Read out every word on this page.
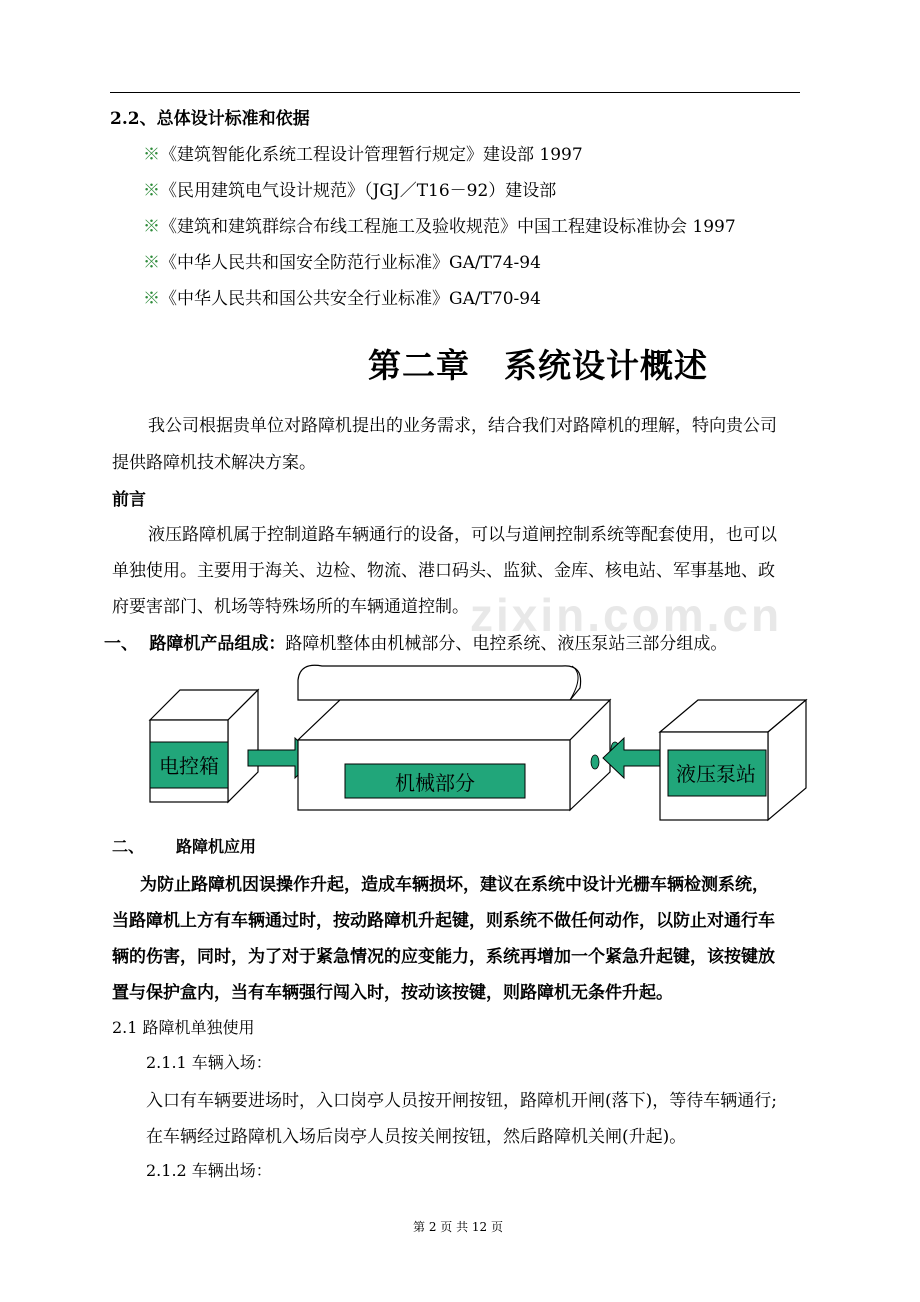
zixin.com.cn
2.2、总体设计标准和依据
※《建筑智能化系统工程设计管理暂行规定》建设部 1997
※《民用建筑电气设计规范》（JGJ／T16－92）建设部
※《建筑和建筑群综合布线工程施工及验收规范》中国工程建设标准协会 1997
※《中华人民共和国安全防范行业标准》GA/T74-94
※《中华人民共和国公共安全行业标准》GA/T70-94
第二章　系统设计概述
我公司根据贵单位对路障机提出的业务需求，结合我们对路障机的理解，特向贵公司
提供路障机技术解决方案。
前言
液压路障机属于控制道路车辆通行的设备，可以与道闸控制系统等配套使用，也可以
单独使用。主要用于海关、边检、物流、港口码头、监狱、金库、核电站、军事基地、政
府要害部门、机场等特殊场所的车辆通道控制。
一、 路障机产品组成：路障机整体由机械部分、电控系统、液压泵站三部分组成。
电控箱
机械部分	液压泵站
二、 路障机应用
为防止路障机因误操作升起，造成车辆损坏，建议在系统中设计光栅车辆检测系统，
当路障机上方有车辆通过时，按动路障机升起键，则系统不做任何动作，以防止对通行车
辆的伤害，同时，为了对于紧急情况的应变能力，系统再增加一个紧急升起键，该按键放
置与保护盒内，当有车辆强行闯入时，按动该按键，则路障机无条件升起。
2.1 路障机单独使用
2.1.1 车辆入场：
入口有车辆要进场时，入口岗亭人员按开闸按钮，路障机开闸(落下)，等待车辆通行;
在车辆经过路障机入场后岗亭人员按关闸按钮，然后路障机关闸(升起)。
2.1.2 车辆出场：
第 2 页 共 12 页
